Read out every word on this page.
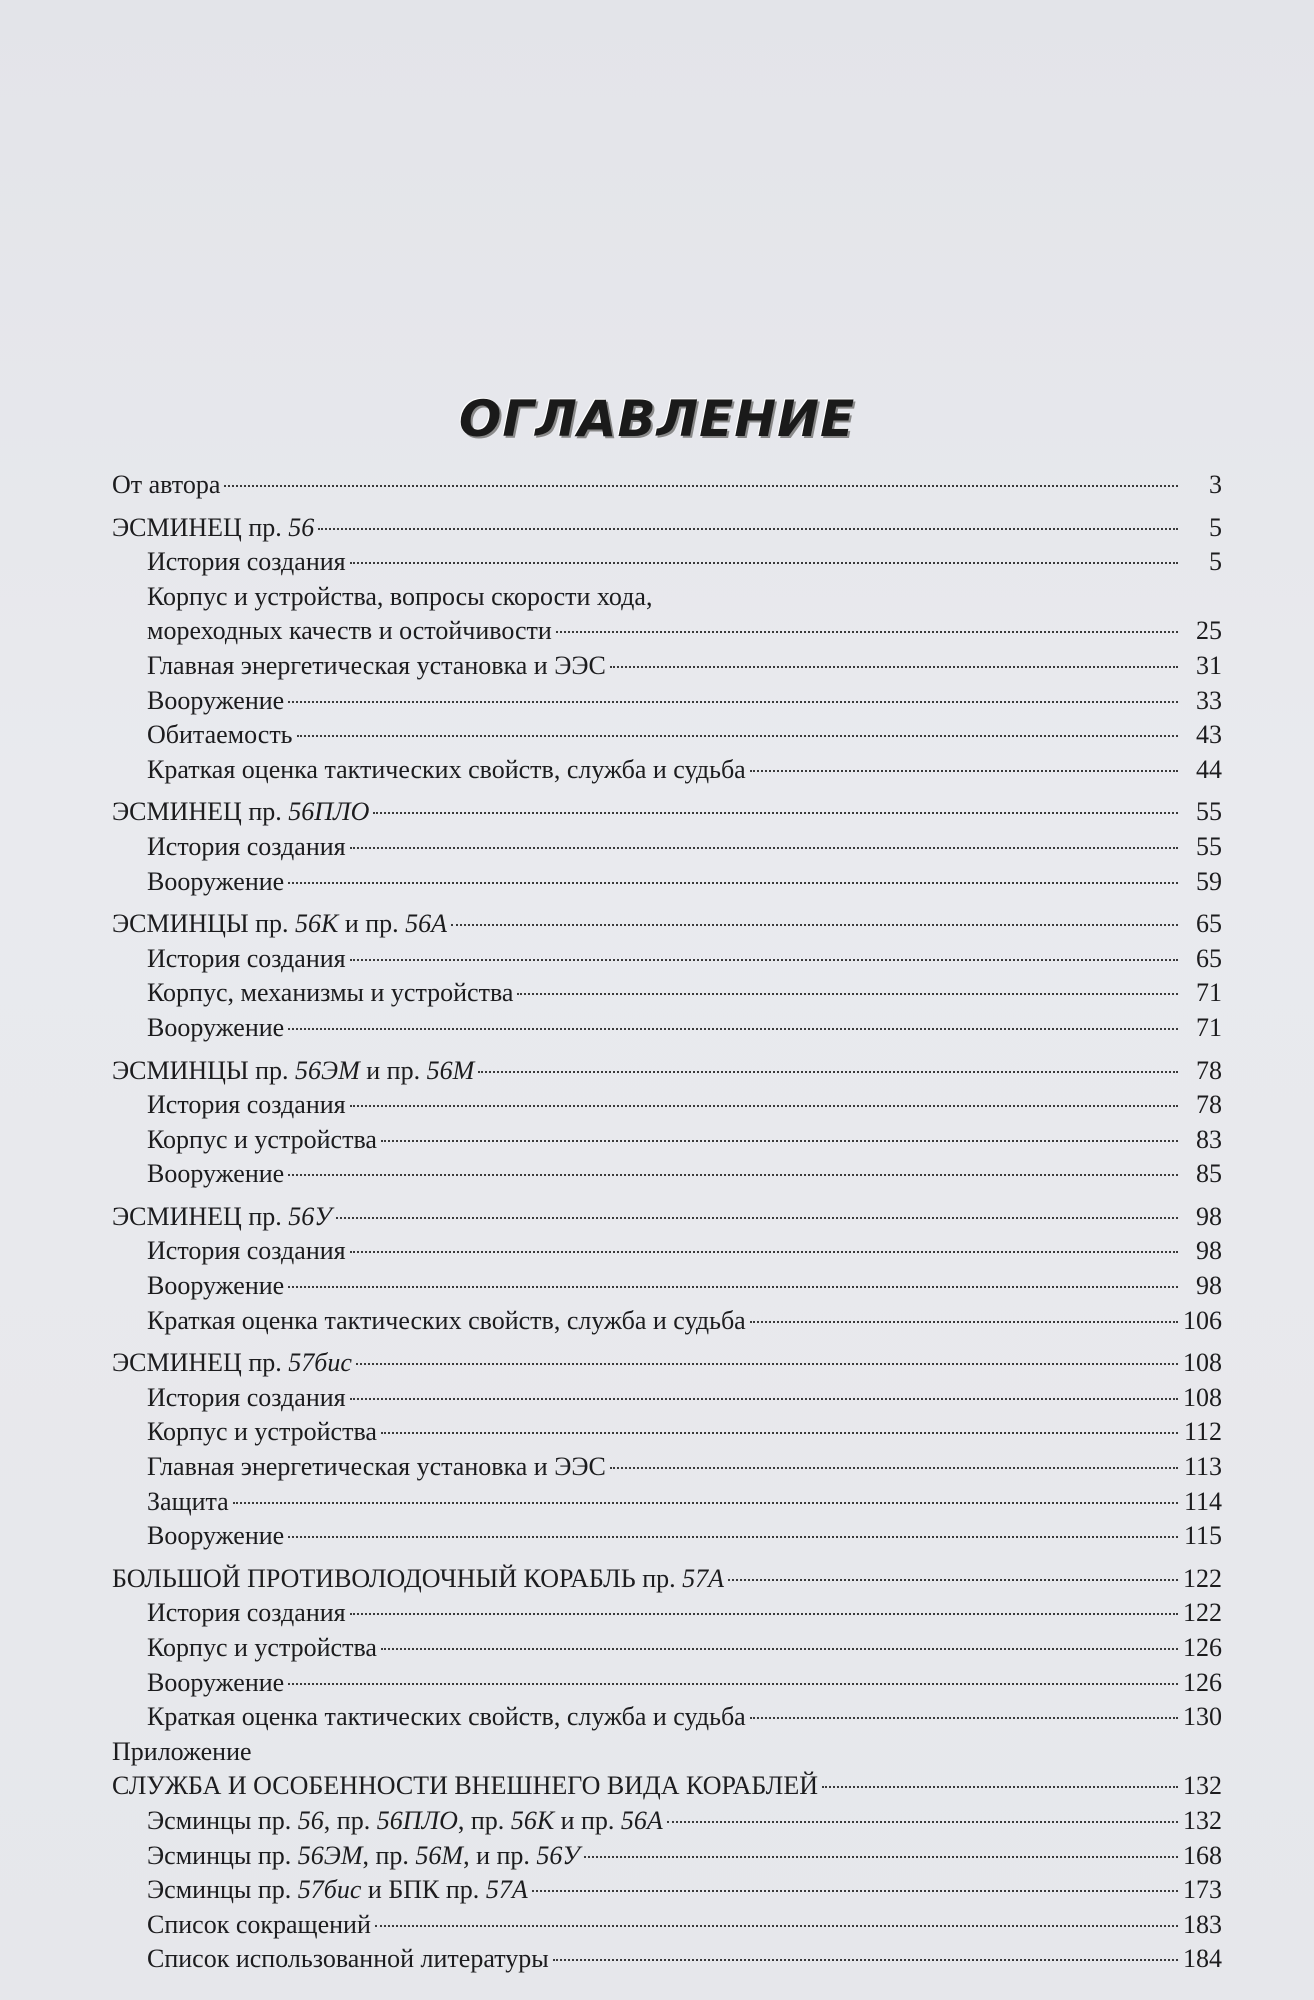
ОГЛАВЛЕНИЕ
От автора	3
ЭСМИНЕЦ пр. 56	5
История создания	5
Корпус и устройства, вопросы скорости хода,
мореходных качеств и остойчивости	25
Главная энергетическая установка и ЭЭС	31
Вооружение	33
Обитаемость	43
Краткая оценка тактических свойств, служба и судьба	44
ЭСМИНЕЦ пр. 56ПЛО	55
История создания	55
Вооружение	59
ЭСМИНЦЫ пр. 56К и пр. 56А	65
История создания	65
Корпус, механизмы и устройства	71
Вооружение	71
ЭСМИНЦЫ пр. 56ЭМ и пр. 56М	78
История создания	78
Корпус и устройства	83
Вооружение	85
ЭСМИНЕЦ пр. 56У	98
История создания	98
Вооружение	98
Краткая оценка тактических свойств, служба и судьба	106
ЭСМИНЕЦ пр. 57бис	108
История создания	108
Корпус и устройства	112
Главная энергетическая установка и ЭЭС	113
Защита	114
Вооружение	115
БОЛЬШОЙ ПРОТИВОЛОДОЧНЫЙ КОРАБЛЬ пр. 57А	122
История создания	122
Корпус и устройства	126
Вооружение	126
Краткая оценка тактических свойств, служба и судьба	130
Приложение
СЛУЖБА И ОСОБЕННОСТИ ВНЕШНЕГО ВИДА КОРАБЛЕЙ	132
Эсминцы пр. 56, пр. 56ПЛО, пр. 56К и пр. 56А	132
Эсминцы пр. 56ЭМ, пр. 56М, и пр. 56У	168
Эсминцы пр. 57бис и БПК пр. 57А	173
Список сокращений	183
Список использованной литературы	184
